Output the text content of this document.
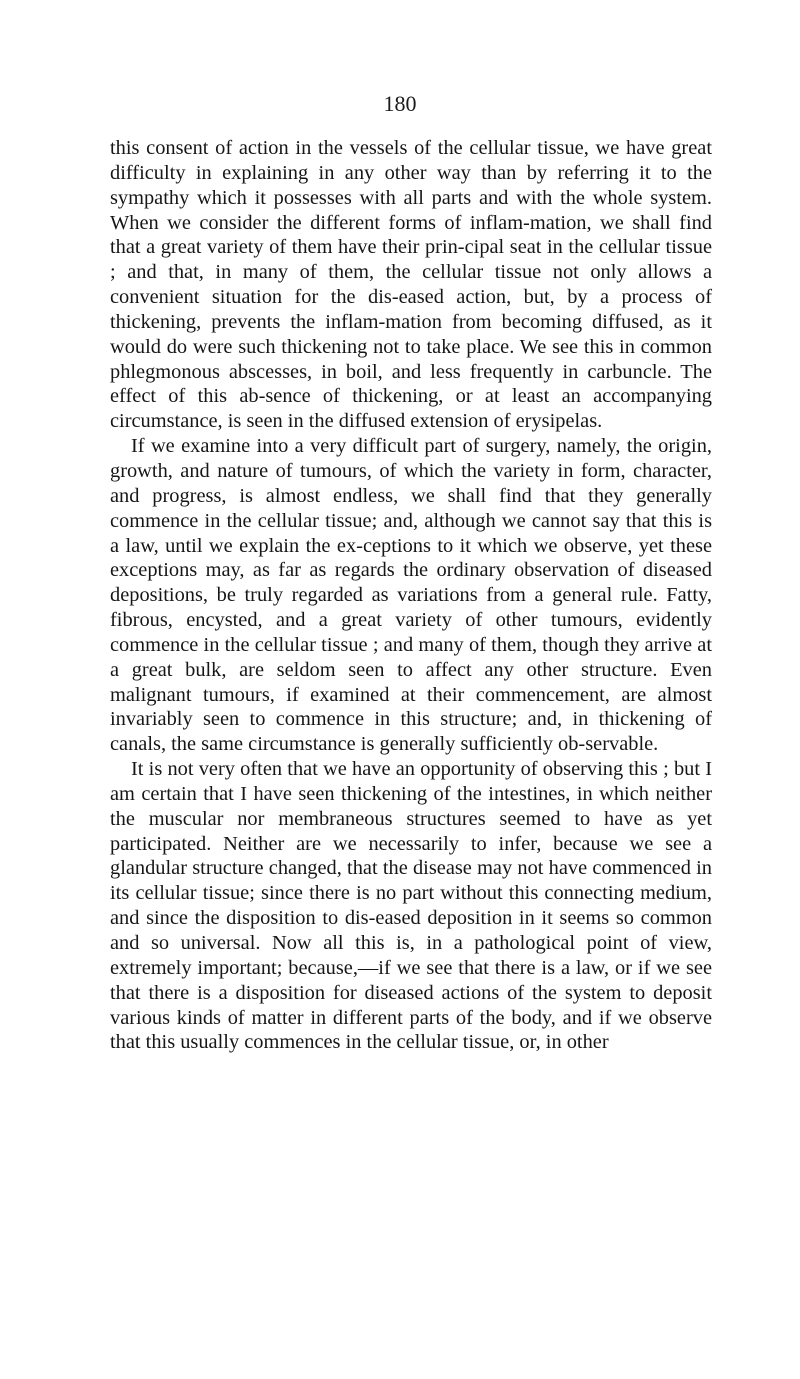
180

this consent of action in the vessels of the cellular tissue, we have great difficulty in explaining in any other way than by referring it to the sympathy which it possesses with all parts and with the whole system. When we consider the different forms of inflam-mation, we shall find that a great variety of them have their prin-cipal seat in the cellular tissue ; and that, in many of them, the cellular tissue not only allows a convenient situation for the dis-eased action, but, by a process of thickening, prevents the inflam-mation from becoming diffused, as it would do were such thickening not to take place. We see this in common phlegmonous abscesses, in boil, and less frequently in carbuncle. The effect of this ab-sence of thickening, or at least an accompanying circumstance, is seen in the diffused extension of erysipelas.

If we examine into a very difficult part of surgery, namely, the origin, growth, and nature of tumours, of which the variety in form, character, and progress, is almost endless, we shall find that they generally commence in the cellular tissue; and, although we cannot say that this is a law, until we explain the ex-ceptions to it which we observe, yet these exceptions may, as far as regards the ordinary observation of diseased depositions, be truly regarded as variations from a general rule. Fatty, fibrous, encysted, and a great variety of other tumours, evidently commence in the cellular tissue ; and many of them, though they arrive at a great bulk, are seldom seen to affect any other structure. Even malignant tumours, if examined at their commencement, are almost invariably seen to commence in this structure; and, in thickening of canals, the same circumstance is generally sufficiently ob-servable.

It is not very often that we have an opportunity of observing this ; but I am certain that I have seen thickening of the intestines, in which neither the muscular nor membraneous structures seemed to have as yet participated. Neither are we necessarily to infer, because we see a glandular structure changed, that the disease may not have commenced in its cellular tissue; since there is no part without this connecting medium, and since the disposition to dis-eased deposition in it seems so common and so universal. Now all this is, in a pathological point of view, extremely important; because,—if we see that there is a law, or if we see that there is a disposition for diseased actions of the system to deposit various kinds of matter in different parts of the body, and if we observe that this usually commences in the cellular tissue, or, in other
